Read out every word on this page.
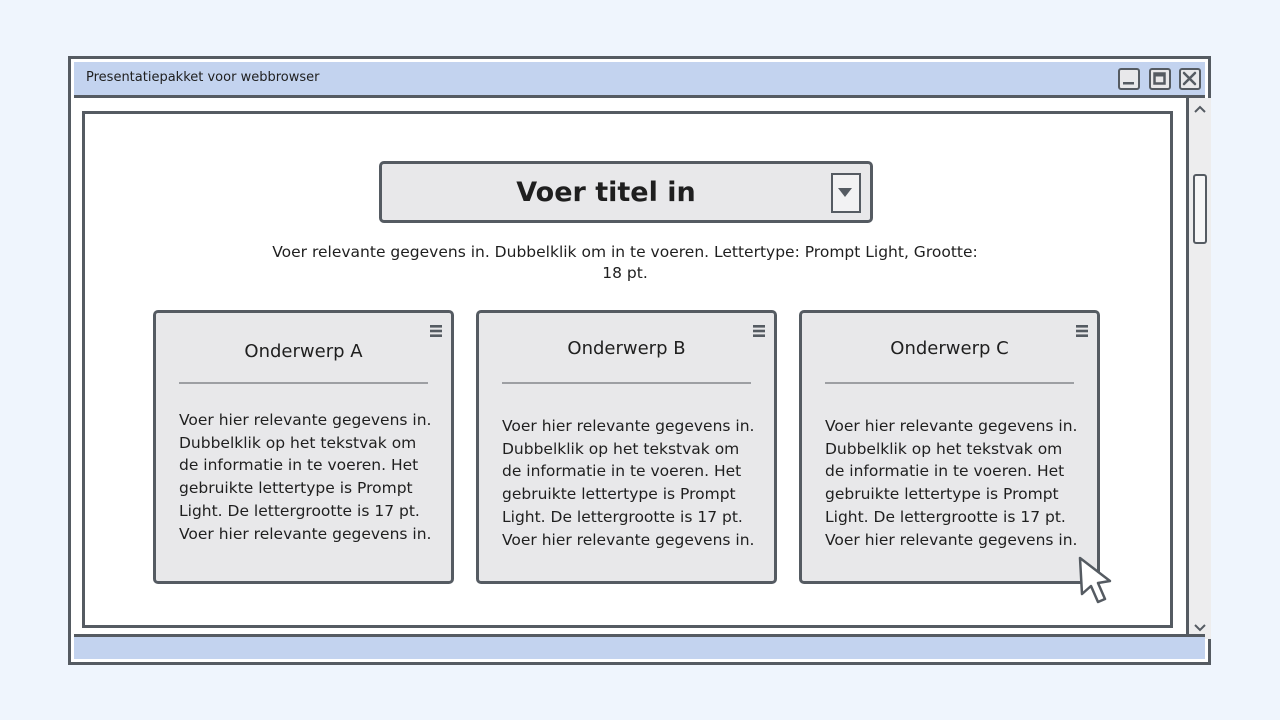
Presentatiepakket voor webbrowser
Voer titel in
Voer relevante gegevens in. Dubbelklik om in te voeren. Lettertype: Prompt Light, Grootte: 18 pt.
Onderwerp A
Voer hier relevante gegevens in. Dubbelklik op het tekstvak om de informatie in te voeren. Het gebruikte lettertype is Prompt Light. De lettergrootte is 17 pt. Voer hier relevante gegevens in.
Onderwerp B
Voer hier relevante gegevens in. Dubbelklik op het tekstvak om de informatie in te voeren. Het gebruikte lettertype is Prompt Light. De lettergrootte is 17 pt. Voer hier relevante gegevens in.
Onderwerp C
Voer hier relevante gegevens in. Dubbelklik op het tekstvak om de informatie in te voeren. Het gebruikte lettertype is Prompt Light. De lettergrootte is 17 pt. Voer hier relevante gegevens in.
